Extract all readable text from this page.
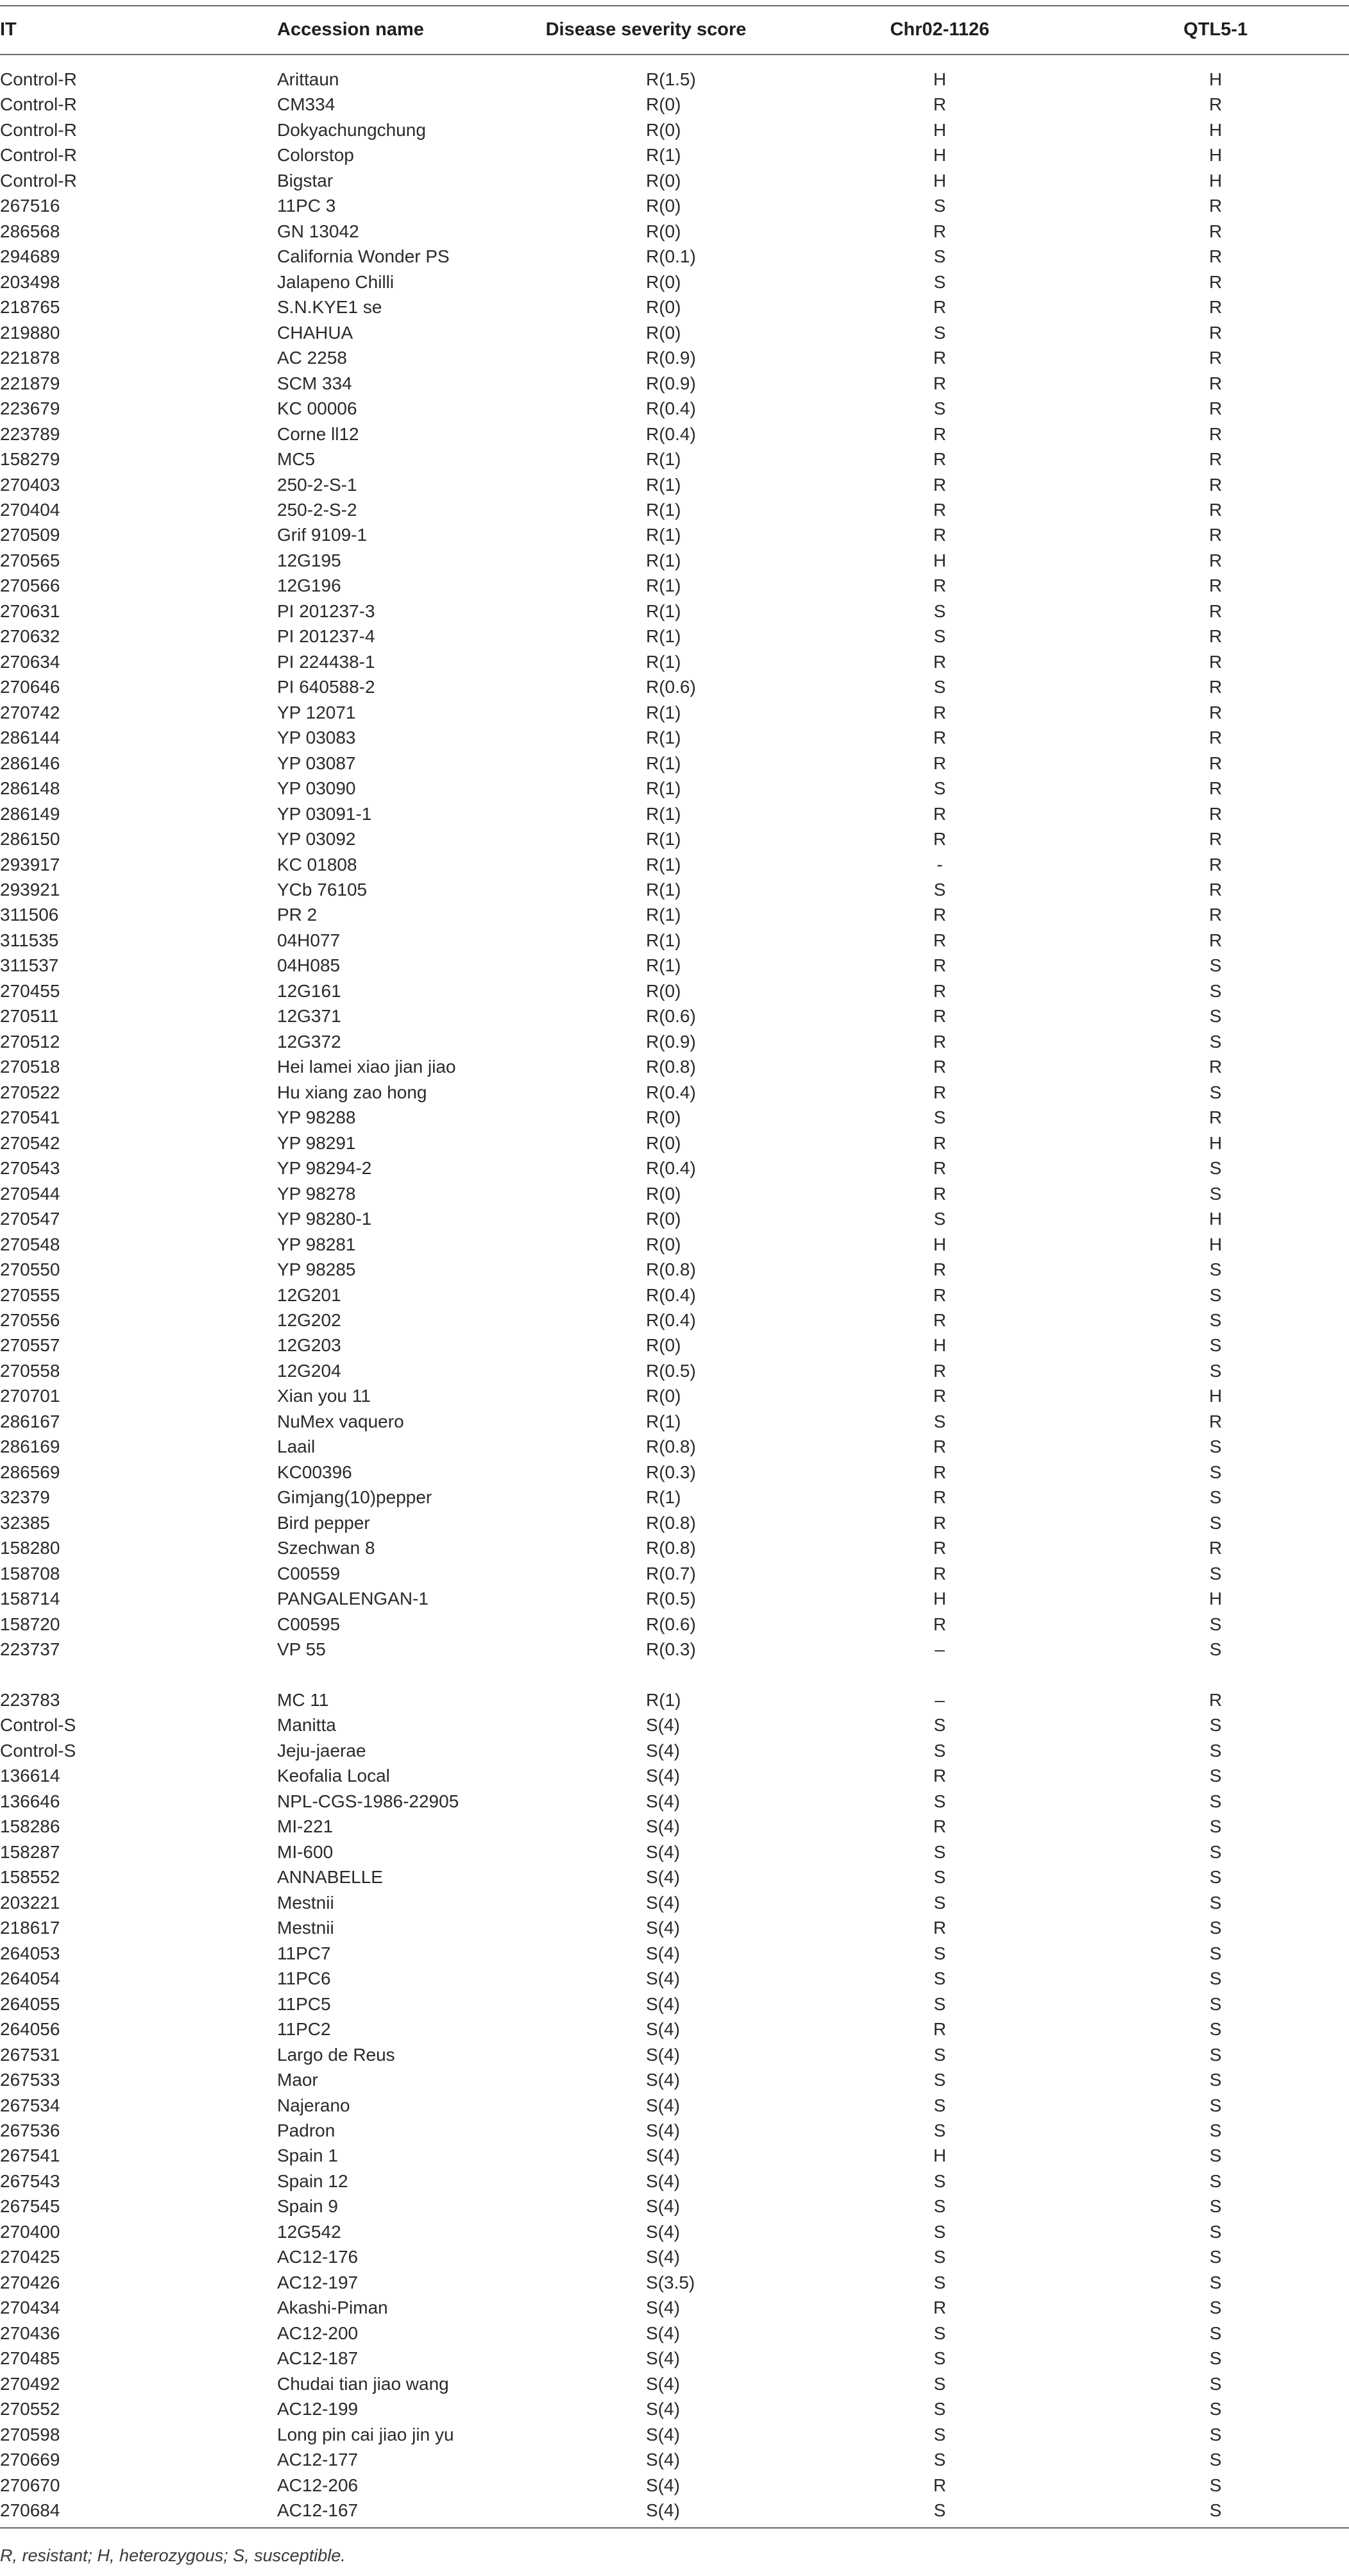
IT	Accession name	Disease severity score	Chr02-1126	QTL5-1
Control-R	Arittaun	R(1.5)	H	H
Control-R	CM334	R(0)	R	R
Control-R	Dokyachungchung	R(0)	H	H
Control-R	Colorstop	R(1)	H	H
Control-R	Bigstar	R(0)	H	H
267516	11PC 3	R(0)	S	R
286568	GN 13042	R(0)	R	R
294689	California Wonder PS	R(0.1)	S	R
203498	Jalapeno Chilli	R(0)	S	R
218765	S.N.KYE1 se	R(0)	R	R
219880	CHAHUA	R(0)	S	R
221878	AC 2258	R(0.9)	R	R
221879	SCM 334	R(0.9)	R	R
223679	KC 00006	R(0.4)	S	R
223789	Corne ll12	R(0.4)	R	R
158279	MC5	R(1)	R	R
270403	250-2-S-1	R(1)	R	R
270404	250-2-S-2	R(1)	R	R
270509	Grif 9109-1	R(1)	R	R
270565	12G195	R(1)	H	R
270566	12G196	R(1)	R	R
270631	PI 201237-3	R(1)	S	R
270632	PI 201237-4	R(1)	S	R
270634	PI 224438-1	R(1)	R	R
270646	PI 640588-2	R(0.6)	S	R
270742	YP 12071	R(1)	R	R
286144	YP 03083	R(1)	R	R
286146	YP 03087	R(1)	R	R
286148	YP 03090	R(1)	S	R
286149	YP 03091-1	R(1)	R	R
286150	YP 03092	R(1)	R	R
293917	KC 01808	R(1)	-	R
293921	YCb 76105	R(1)	S	R
311506	PR 2	R(1)	R	R
311535	04H077	R(1)	R	R
311537	04H085	R(1)	R	S
270455	12G161	R(0)	R	S
270511	12G371	R(0.6)	R	S
270512	12G372	R(0.9)	R	S
270518	Hei lamei xiao jian jiao	R(0.8)	R	R
270522	Hu xiang zao hong	R(0.4)	R	S
270541	YP 98288	R(0)	S	R
270542	YP 98291	R(0)	R	H
270543	YP 98294-2	R(0.4)	R	S
270544	YP 98278	R(0)	R	S
270547	YP 98280-1	R(0)	S	H
270548	YP 98281	R(0)	H	H
270550	YP 98285	R(0.8)	R	S
270555	12G201	R(0.4)	R	S
270556	12G202	R(0.4)	R	S
270557	12G203	R(0)	H	S
270558	12G204	R(0.5)	R	S
270701	Xian you 11	R(0)	R	H
286167	NuMex vaquero	R(1)	S	R
286169	Laail	R(0.8)	R	S
286569	KC00396	R(0.3)	R	S
32379	Gimjang(10)pepper	R(1)	R	S
32385	Bird pepper	R(0.8)	R	S
158280	Szechwan 8	R(0.8)	R	R
158708	C00559	R(0.7)	R	S
158714	PANGALENGAN-1	R(0.5)	H	H
158720	C00595	R(0.6)	R	S
223737	VP 55	R(0.3)	–	S
223783	MC 11	R(1)	–	R
Control-S	Manitta	S(4)	S	S
Control-S	Jeju-jaerae	S(4)	S	S
136614	Keofalia Local	S(4)	R	S
136646	NPL-CGS-1986-22905	S(4)	S	S
158286	MI-221	S(4)	R	S
158287	MI-600	S(4)	S	S
158552	ANNABELLE	S(4)	S	S
203221	Mestnii	S(4)	S	S
218617	Mestnii	S(4)	R	S
264053	11PC7	S(4)	S	S
264054	11PC6	S(4)	S	S
264055	11PC5	S(4)	S	S
264056	11PC2	S(4)	R	S
267531	Largo de Reus	S(4)	S	S
267533	Maor	S(4)	S	S
267534	Najerano	S(4)	S	S
267536	Padron	S(4)	S	S
267541	Spain 1	S(4)	H	S
267543	Spain 12	S(4)	S	S
267545	Spain 9	S(4)	S	S
270400	12G542	S(4)	S	S
270425	AC12-176	S(4)	S	S
270426	AC12-197	S(3.5)	S	S
270434	Akashi-Piman	S(4)	R	S
270436	AC12-200	S(4)	S	S
270485	AC12-187	S(4)	S	S
270492	Chudai tian jiao wang	S(4)	S	S
270552	AC12-199	S(4)	S	S
270598	Long pin cai jiao jin yu	S(4)	S	S
270669	AC12-177	S(4)	S	S
270670	AC12-206	S(4)	R	S
270684	AC12-167	S(4)	S	S
R, resistant; H, heterozygous; S, susceptible.
